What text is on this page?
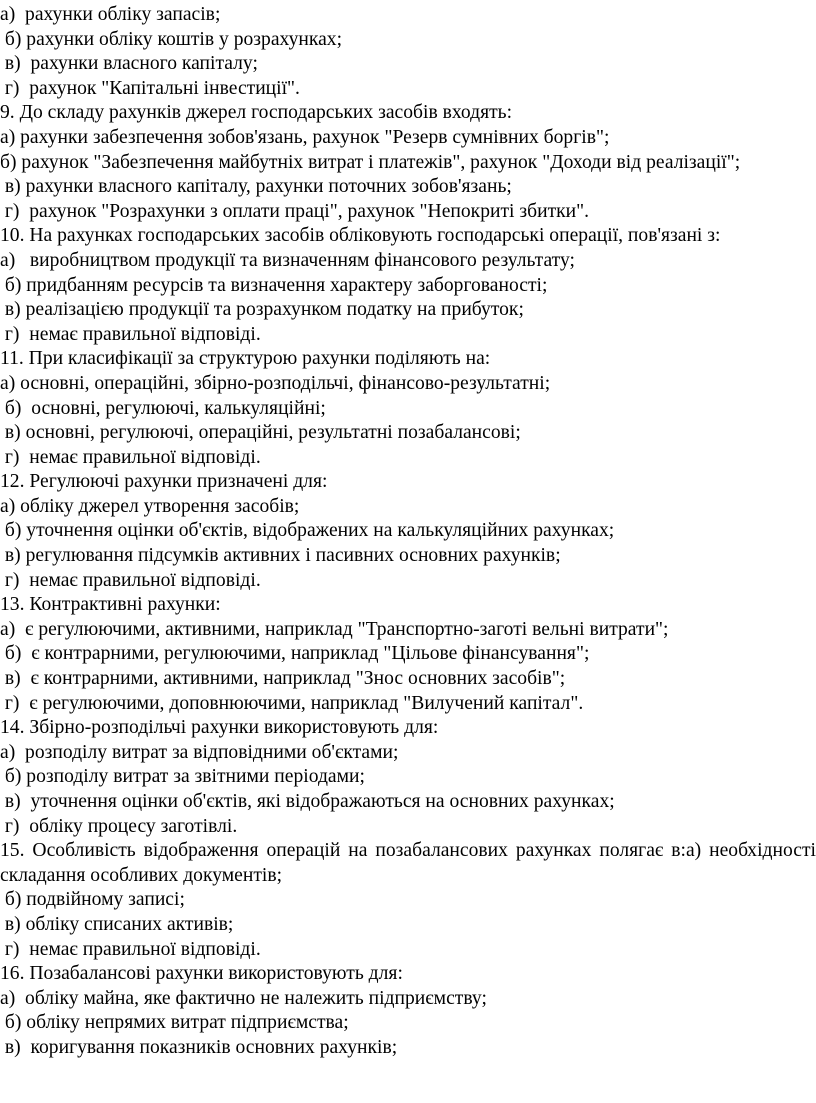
а)  рахунки обліку запасів;
б) рахунки обліку коштів у розрахунках;
в)  рахунки власного капіталу;
г)  рахунок "Капітальні інвестиції".
9. До складу рахунків джерел господарських засобів входять:
а) рахунки забезпечення зобов'язань, рахунок "Резерв сумнівних боргів";
б) рахунок "Забезпечення майбутніх витрат і платежів", рахунок "Доходи від реалізації";
в) рахунки власного капіталу, рахунки поточних зобов'язань;
г)  рахунок "Розрахунки з оплати праці", рахунок "Непокриті збитки".
10. На рахунках господарських засобів обліковують господарські операції, пов'язані з:
а)   виробництвом продукції та визначенням фінансового результату;
б) придбанням ресурсів та визначення характеру заборгованості;
в) реалізацією продукції та розрахунком податку на прибуток;
г)  немає правильної відповіді.
11. При класифікації за структурою рахунки поділяють на:
а) основні, операційні, збірно-розподільчі, фінансово-результатні;
б)  основні, регулюючі, калькуляційні;
в) основні, регулюючі, операційні, результатні позабалансові;
г)  немає правильної відповіді.
12. Регулюючі рахунки призначені для:
а) обліку джерел утворення засобів;
б) уточнення оцінки об'єктів, відображених на калькуляційних рахунках;
в) регулювання підсумків активних і пасивних основних рахунків;
г)  немає правильної відповіді.
13. Контрактивні рахунки:
а)  є регулюючими, активними, наприклад "Транспортно-заготі вельні витрати";
б)  є контрарними, регулюючими, наприклад "Цільове фінансування";
в)  є контрарними, активними, наприклад "Знос основних засобів";
г)  є регулюючими, доповнюючими, наприклад "Вилучений капітал".
14. Збірно-розподільчі рахунки використовують для:
а)  розподілу витрат за відповідними об'єктами;
б) розподілу витрат за звітними періодами;
в)  уточнення оцінки об'єктів, які відображаються на основних рахунках;
г)  обліку процесу заготівлі.
15. Особливість відображення операцій на позабалансових рахунках полягає в:а) необхідності складання особливих документів;
б) подвійному записі;
в) обліку списаних активів;
г)  немає правильної відповіді.
16. Позабалансові рахунки використовують для:
а)  обліку майна, яке фактично не належить підприємству;
б) обліку непрямих витрат підприємства;
в)  коригування показників основних рахунків;
